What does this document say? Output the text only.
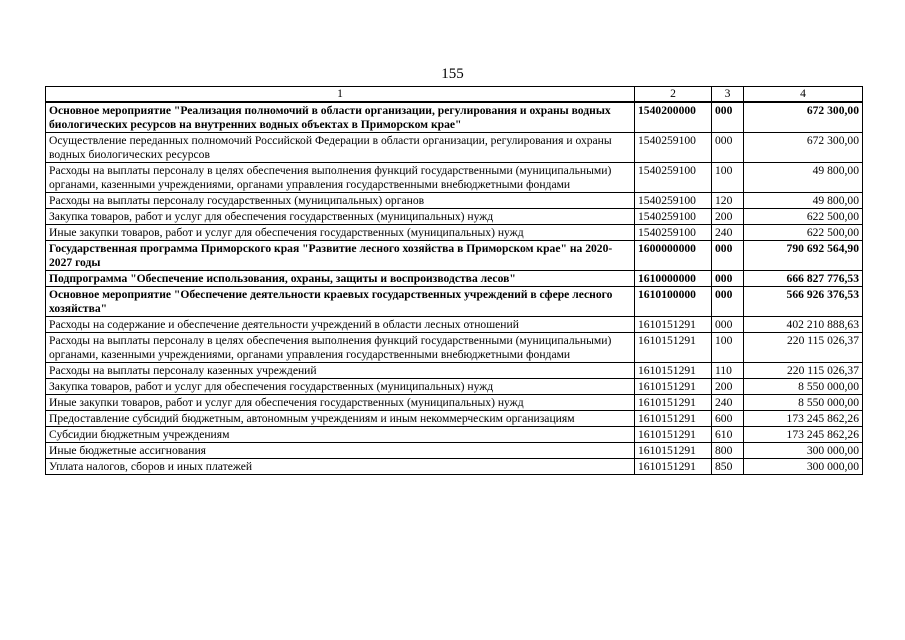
155
1	2	3	4
Основное мероприятие "Реализация полномочий в области организации, регулирования и охраны водных биологических ресурсов на внутренних водных объектах в Приморском крае"	1540200000	000	672 300,00
Осуществление переданных полномочий Российской Федерации в области организации, регулирования и охраны водных биологических ресурсов	1540259100	000	672 300,00
Расходы на выплаты персоналу в целях обеспечения выполнения функций государственными (муниципальными) органами, казенными учреждениями, органами управления государственными внебюджетными фондами	1540259100	100	49 800,00
Расходы на выплаты персоналу государственных (муниципальных) органов	1540259100	120	49 800,00
Закупка товаров, работ и услуг для обеспечения государственных (муниципальных) нужд	1540259100	200	622 500,00
Иные закупки товаров, работ и услуг для обеспечения государственных (муниципальных) нужд	1540259100	240	622 500,00
Государственная программа Приморского края "Развитие лесного хозяйства в Приморском крае" на 2020-2027 годы	1600000000	000	790 692 564,90
Подпрограмма "Обеспечение использования, охраны, защиты и воспроизводства лесов"	1610000000	000	666 827 776,53
Основное мероприятие "Обеспечение деятельности краевых государственных учреждений в сфере лесного хозяйства"	1610100000	000	566 926 376,53
Расходы на содержание и обеспечение деятельности учреждений в области лесных отношений	1610151291	000	402 210 888,63
Расходы на выплаты персоналу в целях обеспечения выполнения функций государственными (муниципальными) органами, казенными учреждениями, органами управления государственными внебюджетными фондами	1610151291	100	220 115 026,37
Расходы на выплаты персоналу казенных учреждений	1610151291	110	220 115 026,37
Закупка товаров, работ и услуг для обеспечения государственных (муниципальных) нужд	1610151291	200	8 550 000,00
Иные закупки товаров, работ и услуг для обеспечения государственных (муниципальных) нужд	1610151291	240	8 550 000,00
Предоставление субсидий бюджетным, автономным учреждениям и иным некоммерческим организациям	1610151291	600	173 245 862,26
Субсидии бюджетным учреждениям	1610151291	610	173 245 862,26
Иные бюджетные ассигнования	1610151291	800	300 000,00
Уплата налогов, сборов и иных платежей	1610151291	850	300 000,00
